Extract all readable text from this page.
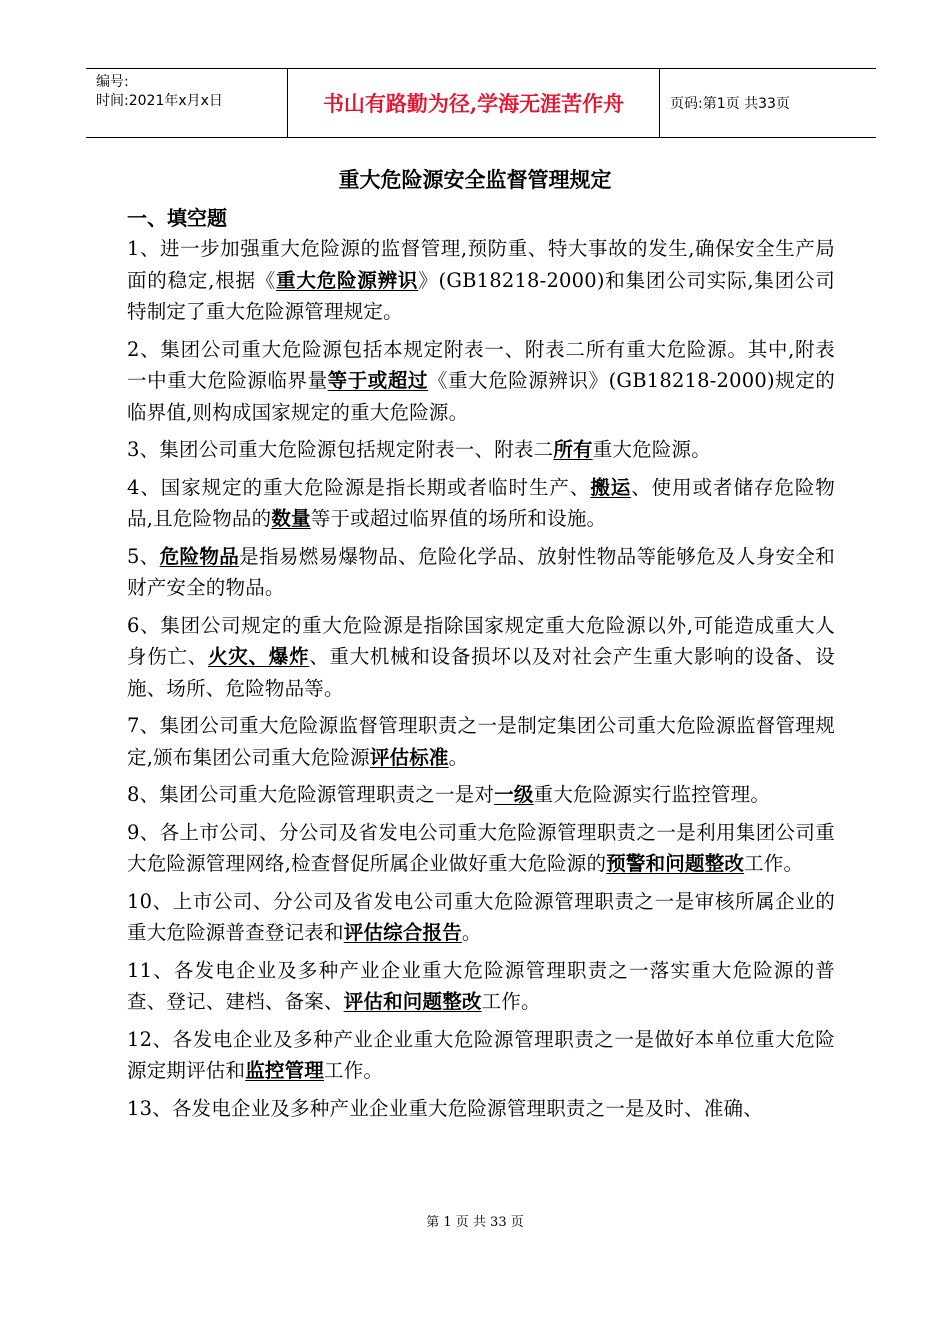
编号:
时间:2021年x月x日	书山有路勤为径,学海无涯苦作舟	页码:第1页 共33页
重大危险源安全监督管理规定
一、填空题

1、进一步加强重大危险源的监督管理,预防重、特大事故的发生,确保安全生产局面的稳定,根据《重大危险源辨识》(GB18218-2000)和集团公司实际,集团公司特制定了重大危险源管理规定。

2、集团公司重大危险源包括本规定附表一、附表二所有重大危险源。其中,附表一中重大危险源临界量等于或超过《重大危险源辨识》(GB18218-2000)规定的临界值,则构成国家规定的重大危险源。

3、集团公司重大危险源包括规定附表一、附表二所有重大危险源。

4、国家规定的重大危险源是指长期或者临时生产、搬运、使用或者储存危险物品,且危险物品的数量等于或超过临界值的场所和设施。

5、危险物品是指易燃易爆物品、危险化学品、放射性物品等能够危及人身安全和财产安全的物品。

6、集团公司规定的重大危险源是指除国家规定重大危险源以外,可能造成重大人身伤亡、火灾、爆炸、重大机械和设备损坏以及对社会产生重大影响的设备、设施、场所、危险物品等。

7、集团公司重大危险源监督管理职责之一是制定集团公司重大危险源监督管理规定,颁布集团公司重大危险源评估标准。

8、集团公司重大危险源管理职责之一是对一级重大危险源实行监控管理。

9、各上市公司、分公司及省发电公司重大危险源管理职责之一是利用集团公司重大危险源管理网络,检查督促所属企业做好重大危险源的预警和问题整改工作。

10、上市公司、分公司及省发电公司重大危险源管理职责之一是审核所属企业的重大危险源普查登记表和评估综合报告。

11、各发电企业及多种产业企业重大危险源管理职责之一落实重大危险源的普查、登记、建档、备案、评估和问题整改工作。

12、各发电企业及多种产业企业重大危险源管理职责之一是做好本单位重大危险源定期评估和监控管理工作。

13、各发电企业及多种产业企业重大危险源管理职责之一是及时、准确、

第 1 页 共 33 页
